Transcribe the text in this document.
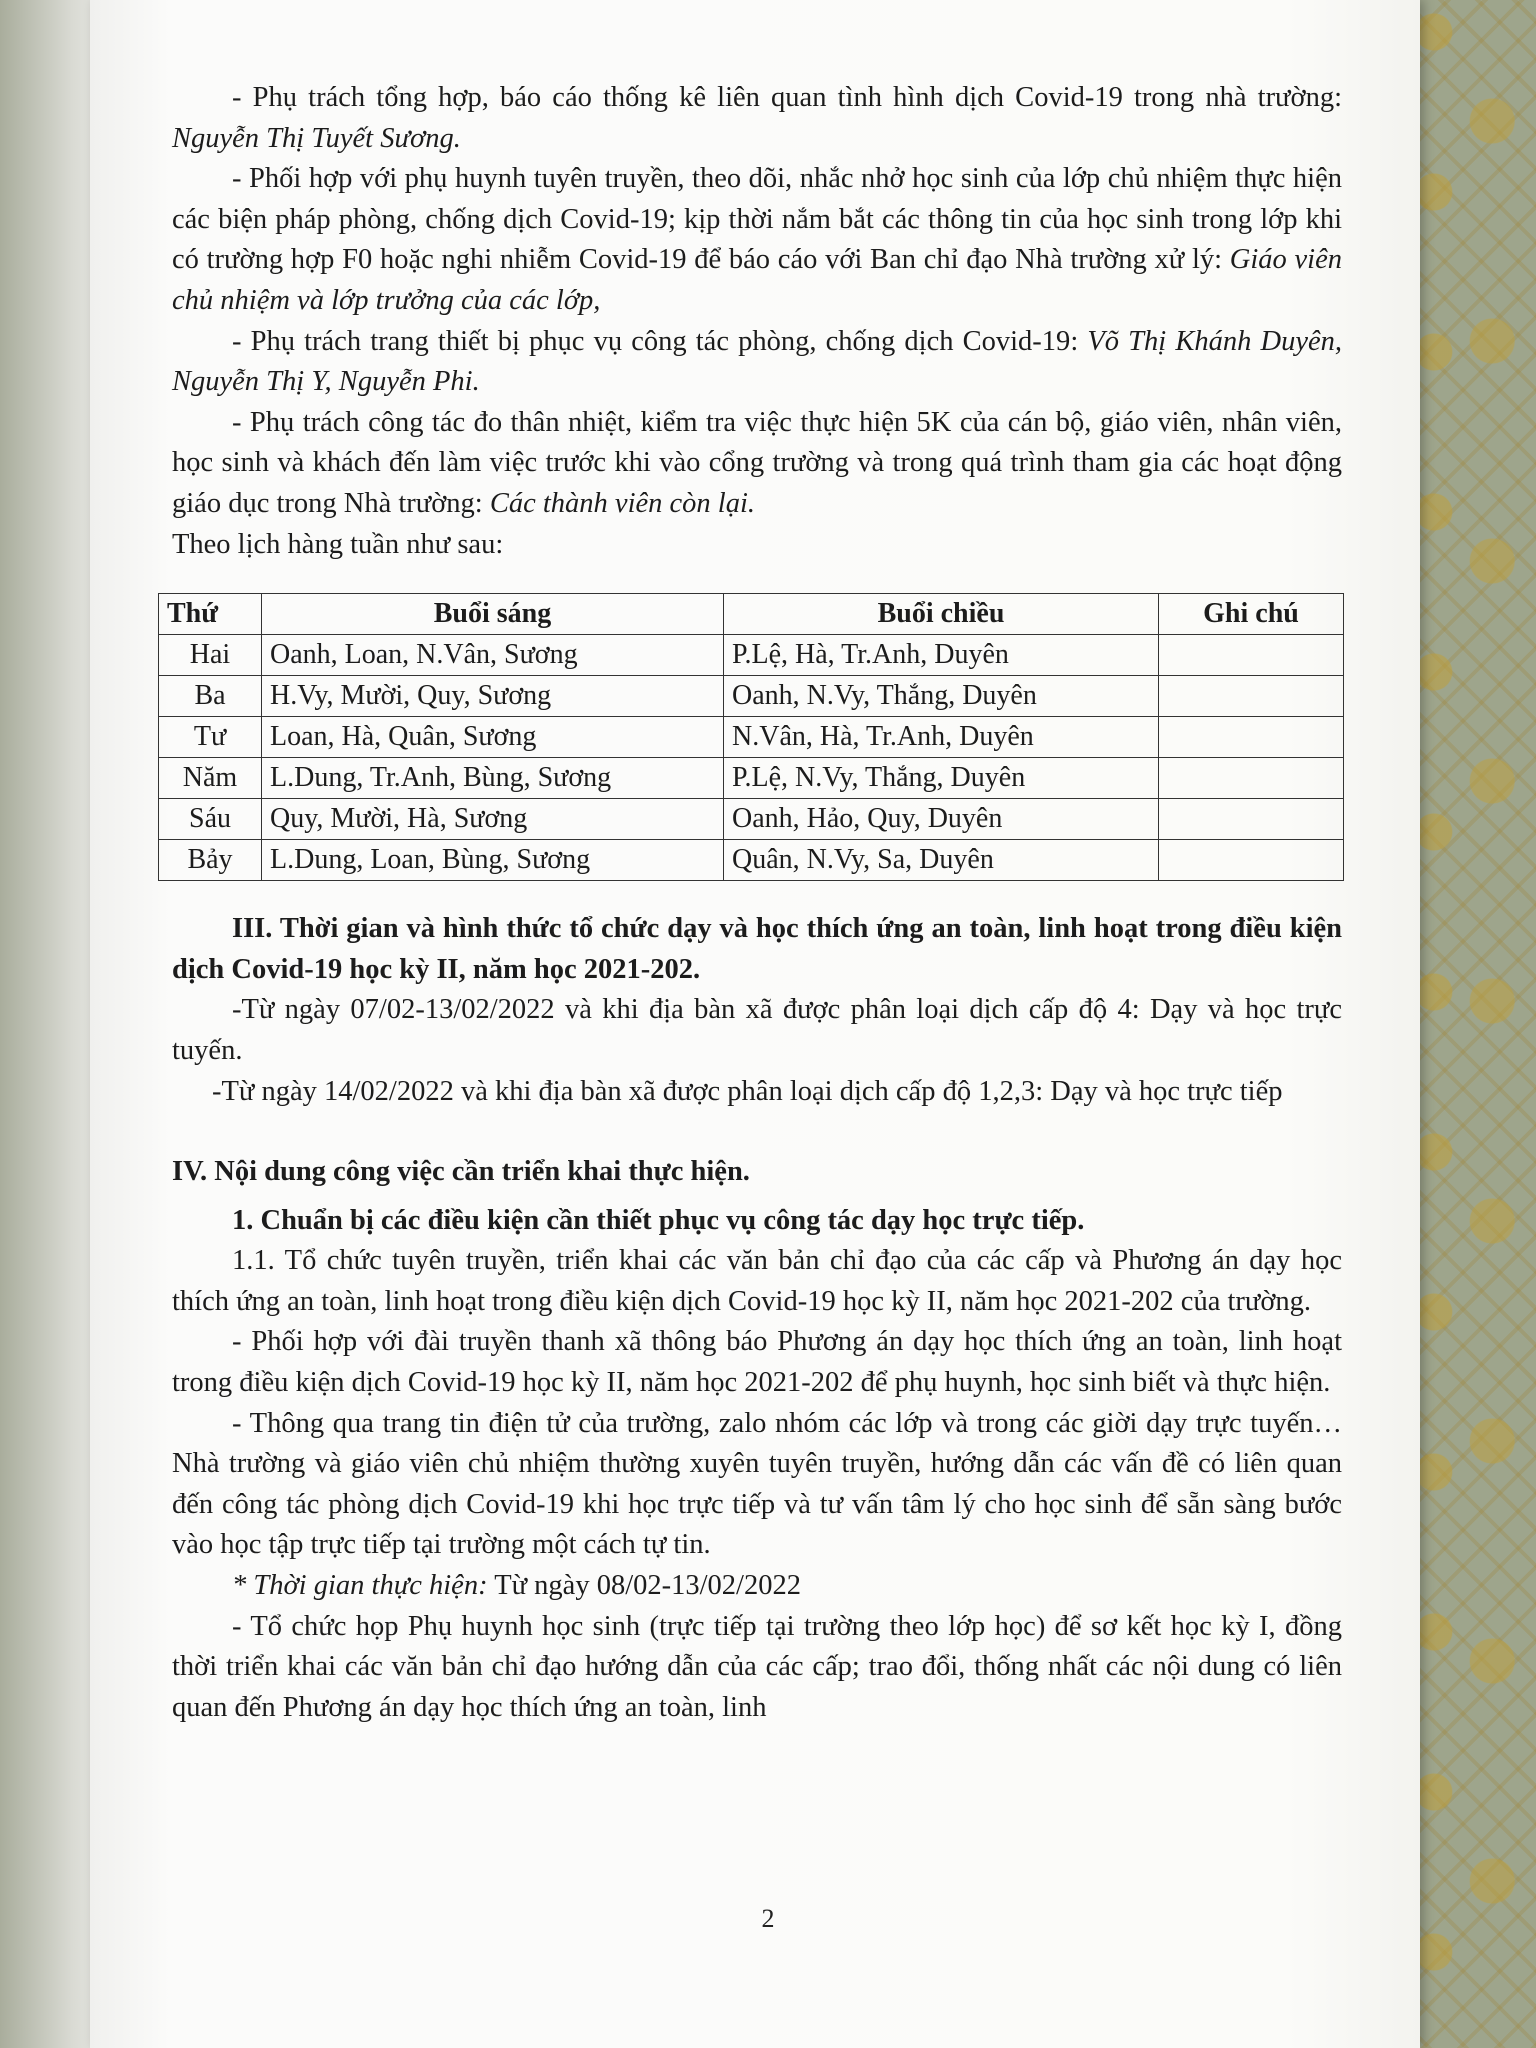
- Phụ trách tổng hợp, báo cáo thống kê liên quan tình hình dịch Covid-19 trong nhà trường: Nguyễn Thị Tuyết Sương.

- Phối hợp với phụ huynh tuyên truyền, theo dõi, nhắc nhở học sinh của lớp chủ nhiệm thực hiện các biện pháp phòng, chống dịch Covid-19; kịp thời nắm bắt các thông tin của học sinh trong lớp khi có trường hợp F0 hoặc nghi nhiễm Covid-19 để báo cáo với Ban chỉ đạo Nhà trường xử lý: Giáo viên chủ nhiệm và lớp trưởng của các lớp,

- Phụ trách trang thiết bị phục vụ công tác phòng, chống dịch Covid-19: Võ Thị Khánh Duyên, Nguyễn Thị Y, Nguyễn Phi.

- Phụ trách công tác đo thân nhiệt, kiểm tra việc thực hiện 5K của cán bộ, giáo viên, nhân viên, học sinh và khách đến làm việc trước khi vào cổng trường và trong quá trình tham gia các hoạt động giáo dục trong Nhà trường: Các thành viên còn lại.

Theo lịch hàng tuần như sau:

Thứ	Buổi sáng	Buổi chiều	Ghi chú
Hai	Oanh, Loan, N.Vân, Sương	P.Lệ, Hà, Tr.Anh, Duyên	
Ba	H.Vy, Mười, Quy, Sương	Oanh, N.Vy, Thắng, Duyên	
Tư	Loan, Hà, Quân, Sương	N.Vân, Hà, Tr.Anh, Duyên	
Năm	L.Dung, Tr.Anh, Bùng, Sương	P.Lệ, N.Vy, Thắng, Duyên	
Sáu	Quy, Mười, Hà, Sương	Oanh, Hảo, Quy, Duyên	
Bảy	L.Dung, Loan, Bùng, Sương	Quân, N.Vy, Sa, Duyên	

III. Thời gian và hình thức tổ chức dạy và học thích ứng an toàn, linh hoạt trong điều kiện dịch Covid-19 học kỳ II, năm học 2021-202.

-Từ ngày 07/02-13/02/2022 và khi địa bàn xã được phân loại dịch cấp độ 4: Dạy và học trực tuyến.

-Từ ngày 14/02/2022 và khi địa bàn xã được phân loại dịch cấp độ 1,2,3: Dạy và học trực tiếp

IV. Nội dung công việc cần triển khai thực hiện.

1. Chuẩn bị các điều kiện cần thiết phục vụ công tác dạy học trực tiếp.

1.1. Tổ chức tuyên truyền, triển khai các văn bản chỉ đạo của các cấp và Phương án dạy học thích ứng an toàn, linh hoạt trong điều kiện dịch Covid-19 học kỳ II, năm học 2021-202 của trường.

- Phối hợp với đài truyền thanh xã thông báo Phương án dạy học thích ứng an toàn, linh hoạt trong điều kiện dịch Covid-19 học kỳ II, năm học 2021-202 để phụ huynh, học sinh biết và thực hiện.

- Thông qua trang tin điện tử của trường, zalo nhóm các lớp và trong các giời dạy trực tuyến…Nhà trường và giáo viên chủ nhiệm thường xuyên tuyên truyền, hướng dẫn các vấn đề có liên quan đến công tác phòng dịch Covid-19 khi học trực tiếp và tư vấn tâm lý cho học sinh để sẵn sàng bước vào học tập trực tiếp tại trường một cách tự tin.

* Thời gian thực hiện: Từ ngày 08/02-13/02/2022

- Tổ chức họp Phụ huynh học sinh (trực tiếp tại trường theo lớp học) để sơ kết học kỳ I, đồng thời triển khai các văn bản chỉ đạo hướng dẫn của các cấp; trao đổi, thống nhất các nội dung có liên quan đến Phương án dạy học thích ứng an toàn, linh

2
